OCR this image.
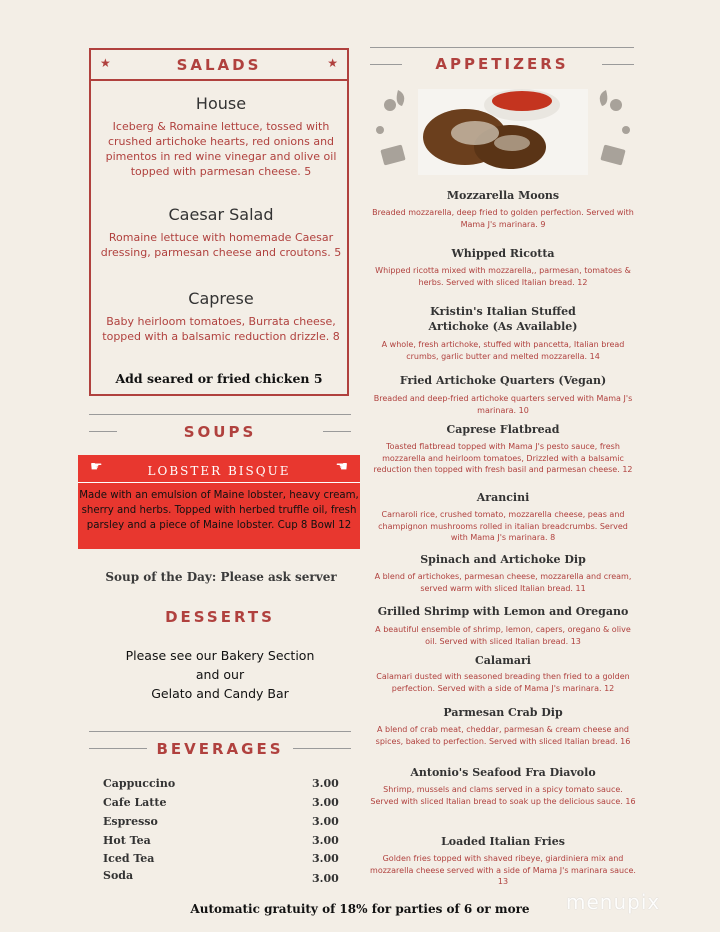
★	SALADS	★
House
Iceberg & Romaine lettuce, tossed with crushed artichoke hearts, red onions and pimentos in red wine vinegar and olive oil topped with parmesan cheese. 5
Caesar Salad
Romaine lettuce with homemade Caesar dressing, parmesan cheese and croutons. 5
Caprese
Baby heirloom tomatoes, Burrata cheese, topped with a balsamic reduction drizzle. 8
Add seared or fried chicken 5
SOUPS
☛	LOBSTER BISQUE	☚
Made with an emulsion of Maine lobster, heavy cream, sherry and herbs. Topped with herbed truffle oil, fresh parsley and a piece of Maine lobster. Cup 8 Bowl 12
Soup of the Day: Please ask server
DESSERTS
Please see our Bakery Section
and our
Gelato and Candy Bar
BEVERAGES
Cappuccino	3.00
Cafe Latte	3.00
Espresso	3.00
Hot Tea	3.00
Iced Tea	3.00
Soda	3.00
APPETIZERS
Mozzarella Moons
Breaded mozzarella, deep fried to golden perfection. Served with Mama J's marinara. 9
Whipped Ricotta
Whipped ricotta mixed with mozzarella,, parmesan, tomatoes & herbs. Served with sliced Italian bread. 12
Kristin's Italian Stuffed Artichoke (As Available)
A whole, fresh artichoke, stuffed with pancetta, Italian bread crumbs, garlic butter and melted mozzarella. 14
Fried Artichoke Quarters (Vegan)
Breaded and deep-fried artichoke quarters served with Mama J's marinara. 10
Caprese Flatbread
Toasted flatbread topped with Mama J's pesto sauce, fresh mozzarella and heirloom tomatoes, Drizzled with a balsamic reduction then topped with fresh basil and parmesan cheese. 12
Arancini
Carnaroli rice, crushed tomato, mozzarella cheese, peas and champignon mushrooms rolled in italian breadcrumbs. Served with Mama J's marinara. 8
Spinach and Artichoke Dip
A blend of artichokes, parmesan cheese, mozzarella and cream, served warm with sliced Italian bread. 11
Grilled Shrimp with Lemon and Oregano
A beautiful ensemble of shrimp, lemon, capers, oregano & olive oil. Served with sliced Italian bread. 13
Calamari
Calamari dusted with seasoned breading then fried to a golden perfection. Served with a side of Mama J's marinara. 12
Parmesan Crab Dip
A blend of crab meat, cheddar, parmesan & cream cheese and spices, baked to perfection. Served with sliced Italian bread. 16
Antonio's Seafood Fra Diavolo
Shrimp, mussels and clams served in a spicy tomato sauce. Served with sliced Italian bread to soak up the delicious sauce. 16
Loaded Italian Fries
Golden fries topped with shaved ribeye, giardiniera mix and mozzarella cheese served with a side of Mama J's marinara sauce. 13
Automatic gratuity of 18% for parties of 6 or more	menupix
